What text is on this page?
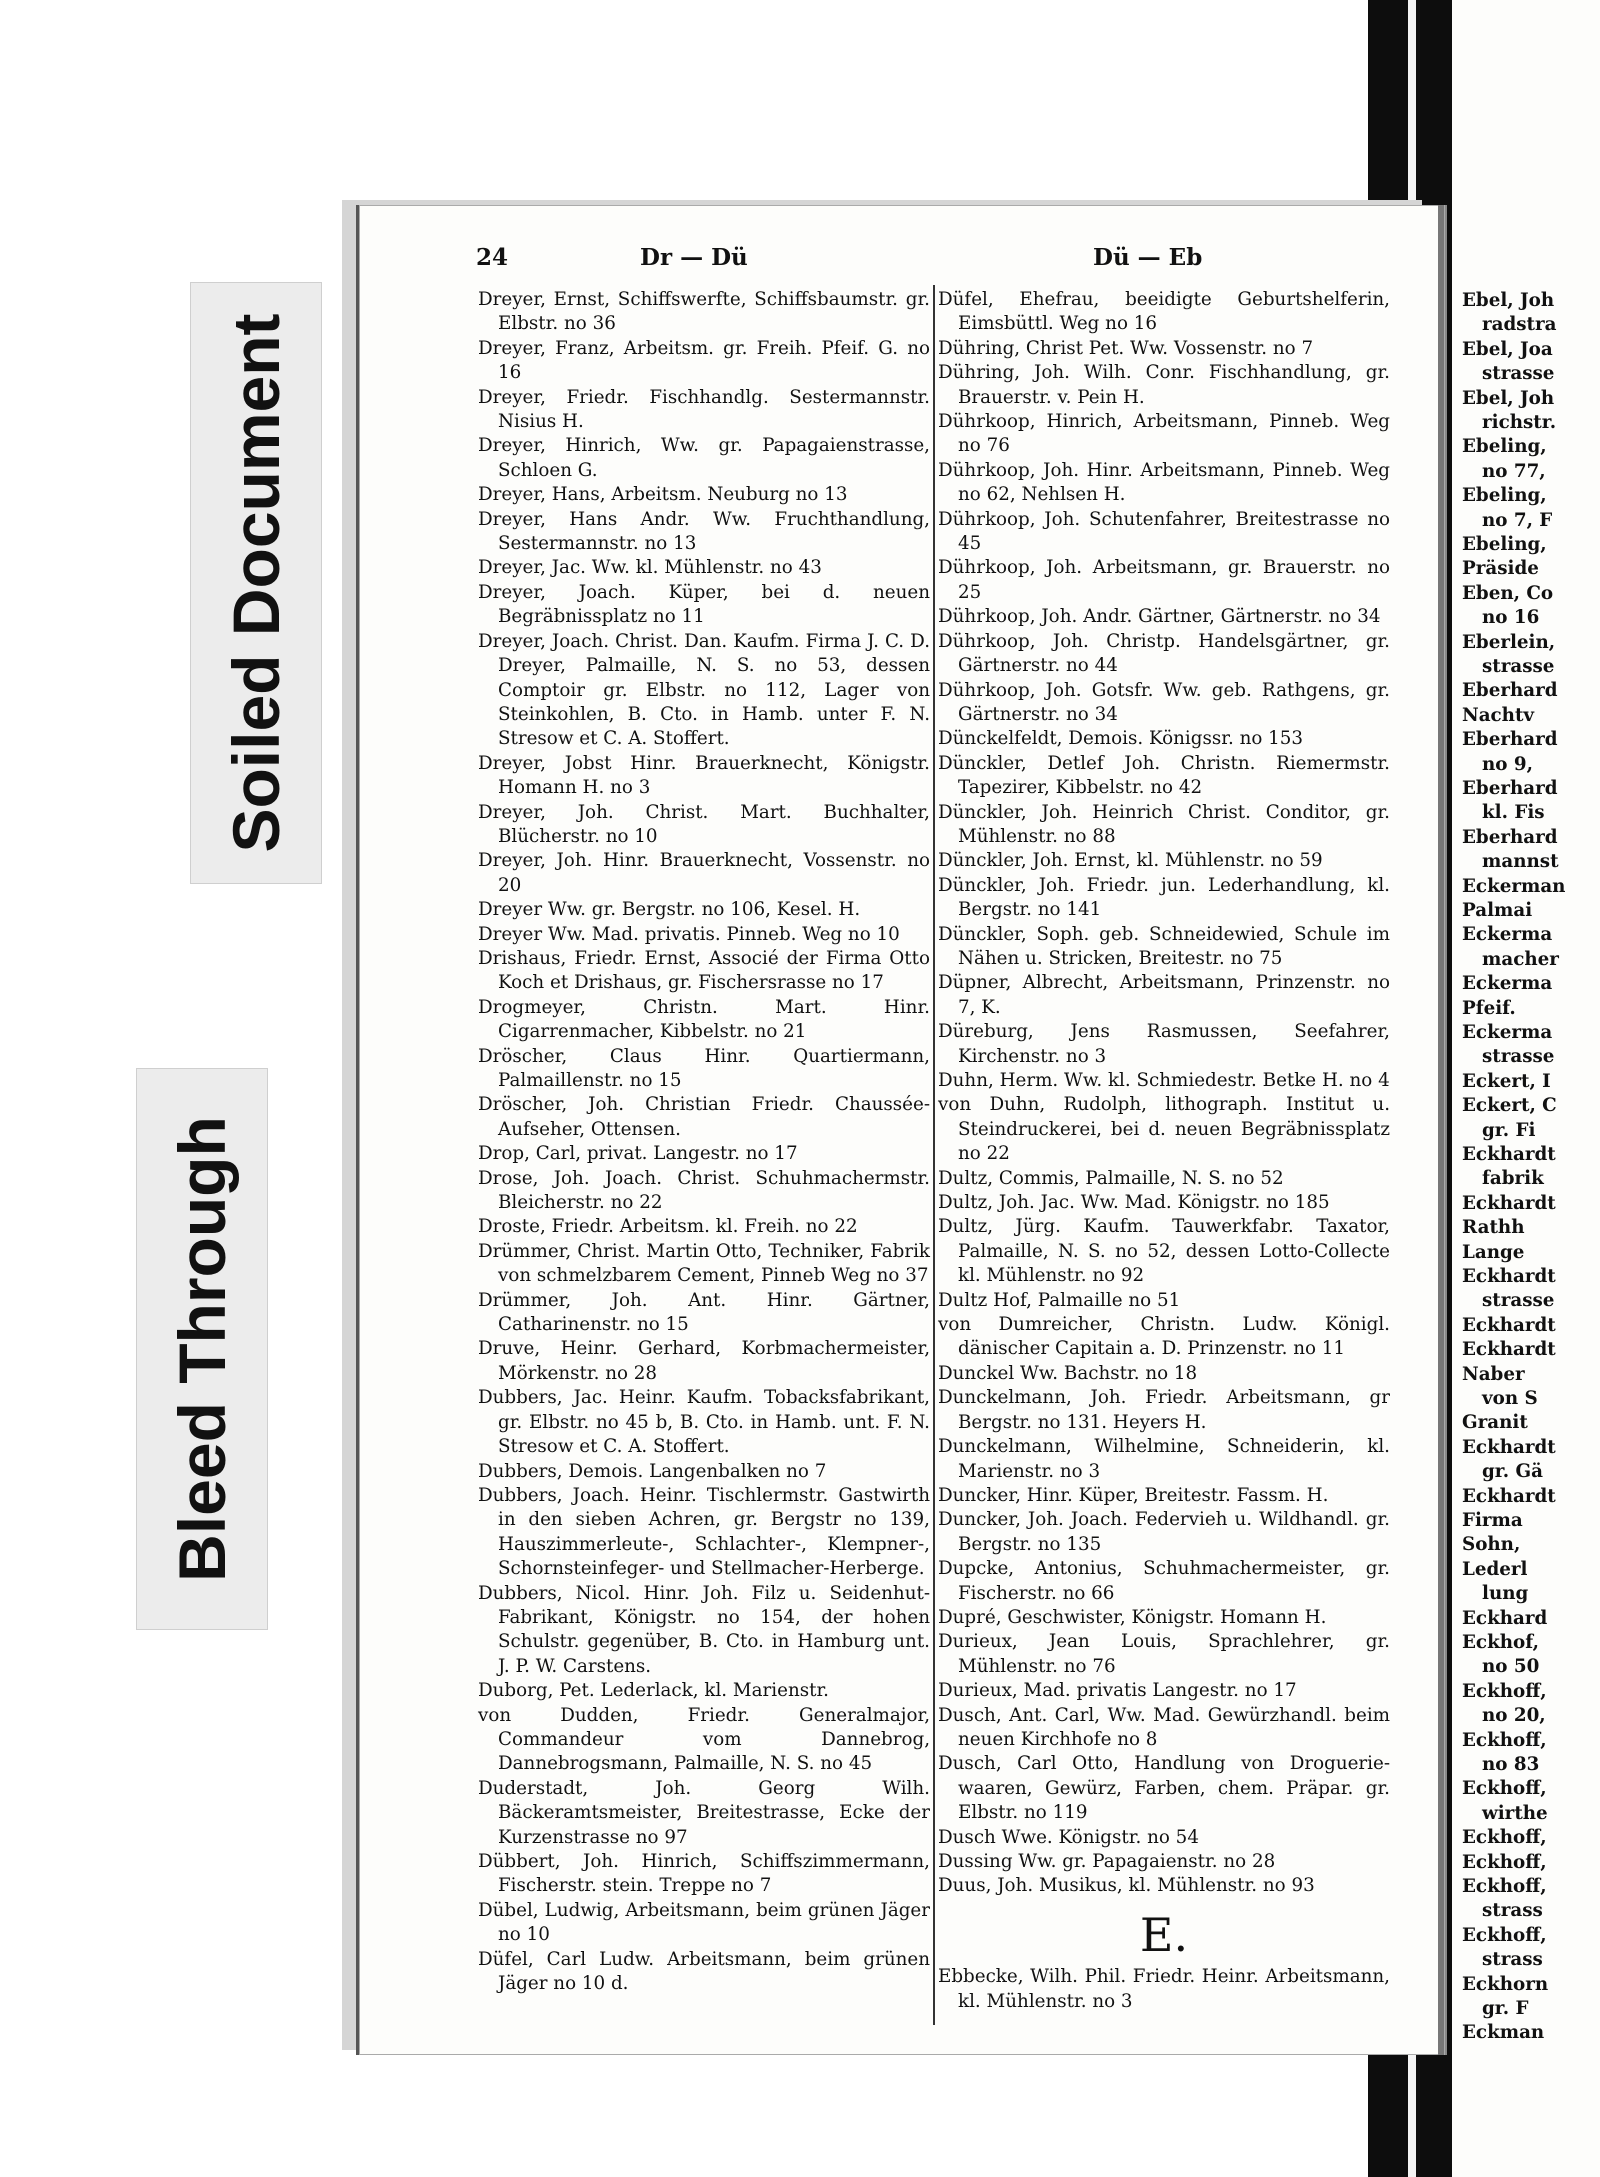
Soiled Document
Bleed Through
24	Dr — Dü	Dü — Eb
Dreyer, Ernst, Schiffswerfte, Schiffsbaumstr. gr. Elbstr. no 36
Dreyer, Franz, Arbeitsm. gr. Freih. Pfeif. G. no 16
Dreyer, Friedr. Fischhandlg. Sestermannstr. Nisius H.
Dreyer, Hinrich, Ww. gr. Papagaienstrasse, Schloen G.
Dreyer, Hans, Arbeitsm. Neuburg no 13
Dreyer, Hans Andr. Ww. Fruchthandlung, Sestermannstr. no 13
Dreyer, Jac. Ww. kl. Mühlenstr. no 43
Dreyer, Joach. Küper, bei d. neuen Begräbnissplatz no 11
Dreyer, Joach. Christ. Dan. Kaufm. Firma J. C. D. Dreyer, Palmaille, N. S. no 53, dessen Comptoir gr. Elbstr. no 112, Lager von Steinkohlen, B. Cto. in Hamb. unter F. N. Stresow et C. A. Stoffert.
Dreyer, Jobst Hinr. Brauerknecht, Königstr. Homann H. no 3
Dreyer, Joh. Christ. Mart. Buchhalter, Blücherstr. no 10
Dreyer, Joh. Hinr. Brauerknecht, Vossenstr. no 20
Dreyer Ww. gr. Bergstr. no 106, Kesel. H.
Dreyer Ww. Mad. privatis. Pinneb. Weg no 10
Drishaus, Friedr. Ernst, Associé der Firma Otto Koch et Drishaus, gr. Fischersrasse no 17
Drogmeyer, Christn. Mart. Hinr. Cigarrenmacher, Kibbelstr. no 21
Dröscher, Claus Hinr. Quartiermann, Palmaillenstr. no 15
Dröscher, Joh. Christian Friedr. Chausséе-Aufseher, Ottensen.
Drop, Carl, privat. Langestr. no 17
Drose, Joh. Joach. Christ. Schuhmachermstr. Bleicherstr. no 22
Droste, Friedr. Arbeitsm. kl. Freih. no 22
Drümmer, Christ. Martin Otto, Techniker, Fabrik von schmelzbarem Cement, Pinneb Weg no 37
Drümmer, Joh. Ant. Hinr. Gärtner, Catharinenstr. no 15
Druve, Heinr. Gerhard, Korbmachermeister, Mörkenstr. no 28
Dubbers, Jac. Heinr. Kaufm. Tobacksfabrikant, gr. Elbstr. no 45 b, B. Cto. in Hamb. unt. F. N. Stresow et C. A. Stoffert.
Dubbers, Demois. Langenbalken no 7
Dubbers, Joach. Heinr. Tischlermstr. Gastwirth in den sieben Achren, gr. Bergstr no 139, Hauszimmerleute-, Schlachter-, Klempner-, Schornsteinfeger- und Stellmacher-Herberge.
Dubbers, Nicol. Hinr. Joh. Filz u. Seidenhut-Fabrikant, Königstr. no 154, der hohen Schulstr. gegenüber, B. Cto. in Hamburg unt. J. P. W. Carstens.
Duborg, Pet. Lederlack, kl. Marienstr.
von Dudden, Friedr. Generalmajor, Commandeur vom Dannebrog, Dannebrogsmann, Palmaille, N. S. no 45
Duderstadt, Joh. Georg Wilh. Bäckeramtsmeister, Breitestrasse, Ecke der Kurzenstrasse no 97
Dübbert, Joh. Hinrich, Schiffszimmermann, Fischerstr. stein. Treppe no 7
Dübel, Ludwig, Arbeitsmann, beim grünen Jäger no 10
Düfel, Carl Ludw. Arbeitsmann, beim grünen Jäger no 10 d.
Düfel, Ehefrau, beeidigte Geburtshelferin, Eimsbüttl. Weg no 16
Dühring, Christ Pet. Ww. Vossenstr. no 7
Dühring, Joh. Wilh. Conr. Fischhandlung, gr. Brauerstr. v. Pein H.
Dührkoop, Hinrich, Arbeitsmann, Pinneb. Weg no 76
Dührkoop, Joh. Hinr. Arbeitsmann, Pinneb. Weg no 62, Nehlsen H.
Dührkoop, Joh. Schutenfahrer, Breitestrasse no 45
Dührkoop, Joh. Arbeitsmann, gr. Brauerstr. no 25
Dührkoop, Joh. Andr. Gärtner, Gärtnerstr. no 34
Dührkoop, Joh. Christp. Handelsgärtner, gr. Gärtnerstr. no 44
Dührkoop, Joh. Gotsfr. Ww. geb. Rathgens, gr. Gärtnerstr. no 34
Dünckelfeldt, Demois. Königssr. no 153
Dünckler, Detlef Joh. Christn. Riemermstr. Tapezirer, Kibbelstr. no 42
Dünckler, Joh. Heinrich Christ. Conditor, gr. Mühlenstr. no 88
Dünckler, Joh. Ernst, kl. Mühlenstr. no 59
Dünckler, Joh. Friedr. jun. Lederhandlung, kl. Bergstr. no 141
Dünckler, Soph. geb. Schneidewied, Schule im Nähen u. Stricken, Breitestr. no 75
Düpner, Albrecht, Arbeitsmann, Prinzenstr. no 7, K.
Düreburg, Jens Rasmussen, Seefahrer, Kirchenstr. no 3
Duhn, Herm. Ww. kl. Schmiedestr. Betke H. no 4
von Duhn, Rudolph, lithograph. Institut u. Steindruckerei, bei d. neuen Begräbnissplatz no 22
Dultz, Commis, Palmaille, N. S. no 52
Dultz, Joh. Jac. Ww. Mad. Königstr. no 185
Dultz, Jürg. Kaufm. Tauwerkfabr. Taxator, Palmaille, N. S. no 52, dessen Lotto-Collecte kl. Mühlenstr. no 92
Dultz Hof, Palmaille no 51
von Dumreicher, Christn. Ludw. Königl. dänischer Capitain a. D. Prinzenstr. no 11
Dunckel Ww. Bachstr. no 18
Dunckelmann, Joh. Friedr. Arbeitsmann, gr Bergstr. no 131. Heyers H.
Dunckelmann, Wilhelmine, Schneiderin, kl. Marienstr. no 3
Duncker, Hinr. Küper, Breitestr. Fassm. H.
Duncker, Joh. Joach. Federvieh u. Wildhandl. gr. Bergstr. no 135
Dupcke, Antonius, Schuhmachermeister, gr. Fischerstr. no 66
Dupré, Geschwister, Königstr. Homann H.
Durieux, Jean Louis, Sprachlehrer, gr. Mühlenstr. no 76
Durieux, Mad. privatis Langestr. no 17
Dusch, Ant. Carl, Ww. Mad. Gewürzhandl. beim neuen Kirchhofe no 8
Dusch, Carl Otto, Handlung von Droguerie-waaren, Gewürz, Farben, chem. Präpar. gr. Elbstr. no 119
Dusch Wwe. Königstr. no 54
Dussing Ww. gr. Papagaienstr. no 28
Duus, Joh. Musikus, kl. Mühlenstr. no 93
E.
Ebbecke, Wilh. Phil. Friedr. Heinr. Arbeitsmann, kl. Mühlenstr. no 3
Ebel, Joh
radstra
Ebel, Joa
strasse
Ebel, Joh
richstr.
Ebeling,
no 77,
Ebeling,
no 7, F
Ebeling,
Präside
Eben, Co
no 16
Eberlein,
strasse
Eberhard
Nachtv
Eberhard
no 9,
Eberhard
kl. Fis
Eberhard
mannst
Eckerman
Palmai
Eckerma
macher
Eckerma
Pfeif.
Eckerma
strasse
Eckert, I
Eckert, C
gr. Fi
Eckhardt
fabrik
Eckhardt
Rathh
Lange
Eckhardt
strasse
Eckhardt
Eckhardt
Naber
von S
Granit
Eckhardt
gr. Gä
Eckhardt
Firma
Sohn,
Lederl
lung
Eckhard
Eckhof,
no 50
Eckhoff,
no 20,
Eckhoff,
no 83
Eckhoff,
wirthe
Eckhoff,
Eckhoff,
Eckhoff,
strass
Eckhoff,
strass
Eckhorn
gr. F
Eckman
